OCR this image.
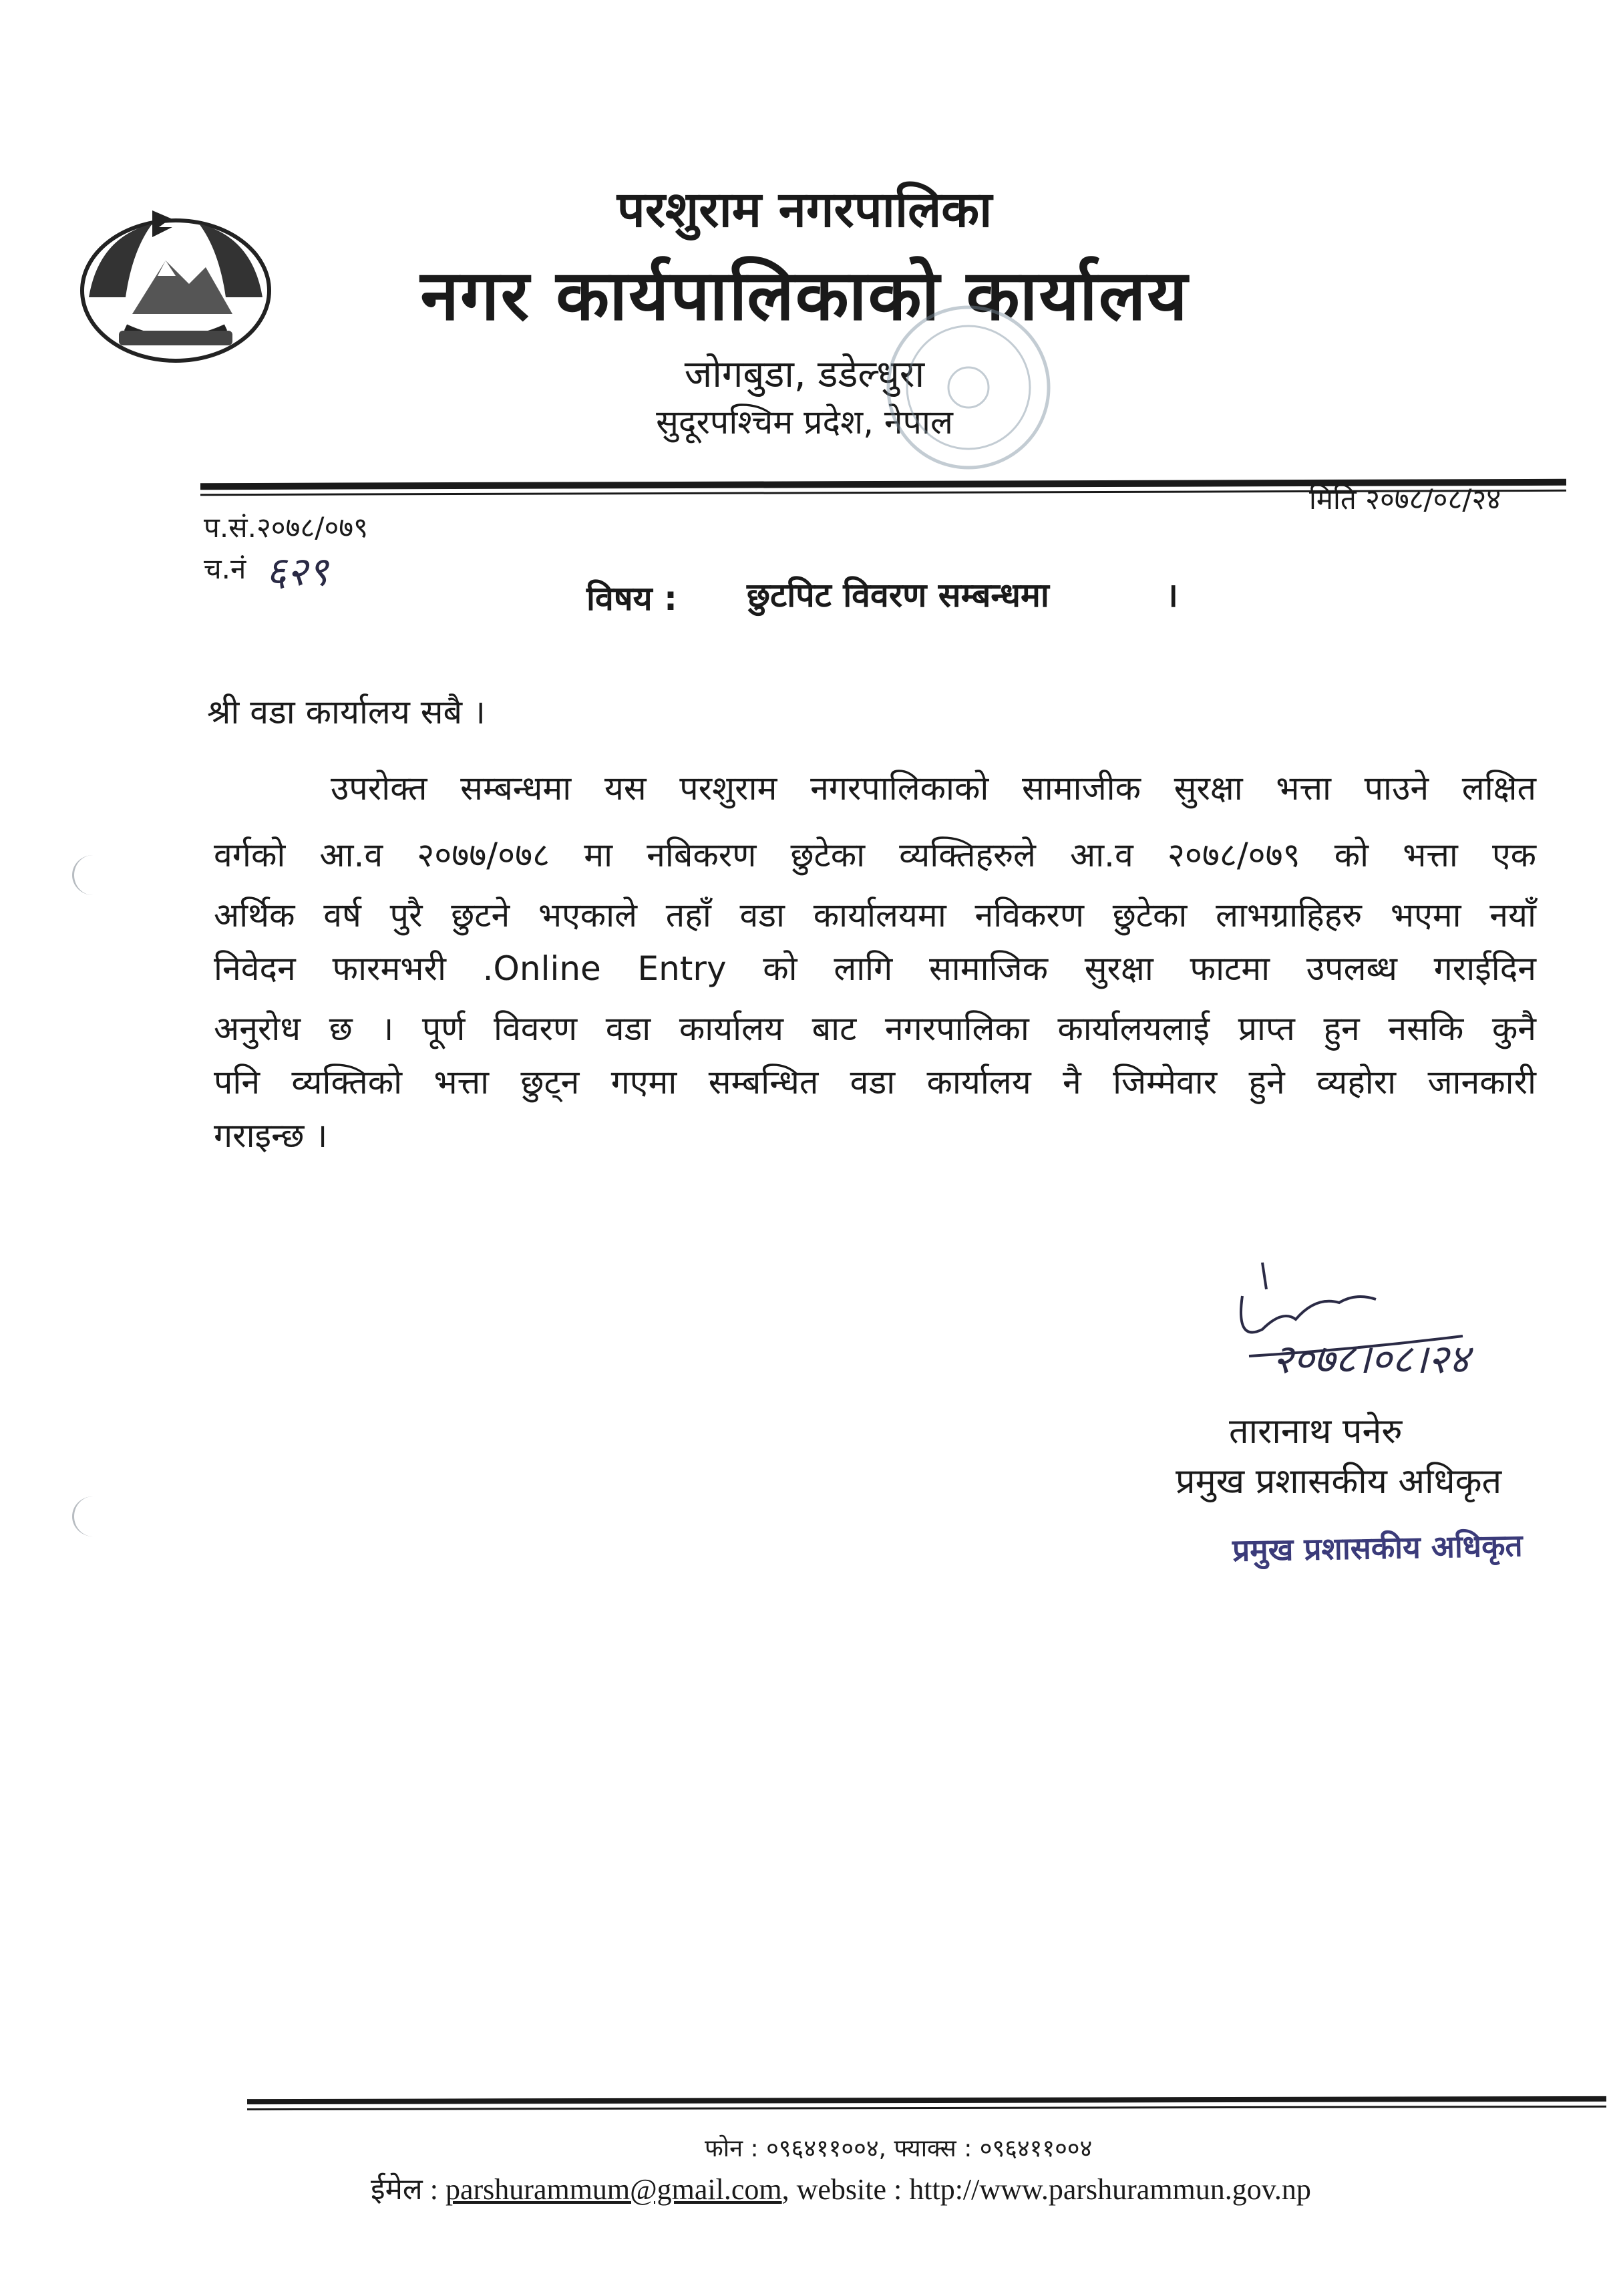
परशुराम नगरपालिका
नगर कार्यपालिकाको कार्यालय
जोगबुडा, डडेल्धुरा
सुदूरपश्चिम प्रदेश, नेपाल
मिति २०७८/०८/२४
प.सं.२०७८/०७९
च.नं ६२९
विषय : छुटपिट विवरण सम्बन्धमा	।
श्री वडा कार्यालय सबै ।
उपरोक्त सम्बन्धमा यस परशुराम नगरपालिकाको सामाजीक सुरक्षा भत्ता पाउने लक्षित
वर्गको आ.व २०७७/०७८ मा नबिकरण छुटेका व्यक्तिहरुले आ.व २०७८/०७९ को भत्ता एक
अर्थिक वर्ष पुरै छुटने भएकाले तहाँ वडा कार्यालयमा नविकरण छुटेका लाभग्राहिहरु भएमा नयाँ
निवेदन फारमभरी .Online Entry को लागि सामाजिक सुरक्षा फाटमा उपलब्ध गराईदिन
अनुरोध छ । पूर्ण विवरण वडा कार्यालय बाट नगरपालिका कार्यालयलाई प्राप्त हुन नसकि कुनै
पनि व्यक्तिको भत्ता छुट्न गएमा सम्बन्धित वडा कार्यालय नै जिम्मेवार हुने व्यहोरा जानकारी
गराइन्छ ।
२०७८।०८।२४
तारानाथ पनेरु
प्रमुख प्रशासकीय अधिकृत
प्रमुख प्रशासकीय अधिकृत
फोन : ०९६४११००४, फ्याक्स : ०९६४११००४
ईमेल : parshurammum@gmail.com, website : http://www.parshurammun.gov.np
